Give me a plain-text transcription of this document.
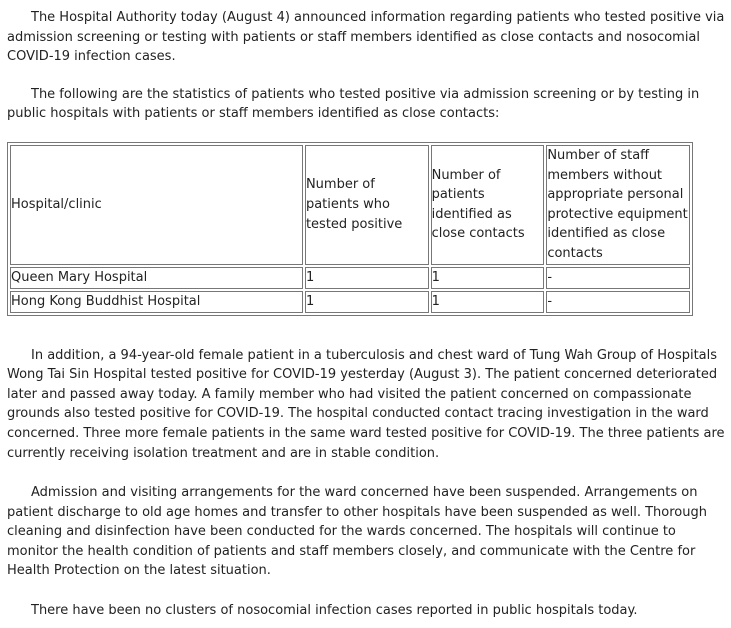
The Hospital Authority today (August 4) announced information regarding patients who tested positive via admission screening or testing with patients or staff members identified as close contacts and nosocomial COVID-19 infection cases.

The following are the statistics of patients who tested positive via admission screening or by testing in public hospitals with patients or staff members identified as close contacts:

Hospital/clinic	Number of patients who tested positive	Number of patients identified as close contacts	Number of staff members without appropriate personal protective equipment identified as close contacts
Queen Mary Hospital	1	1	-
Hong Kong Buddhist Hospital	1	1	-

In addition, a 94-year-old female patient in a tuberculosis and chest ward of Tung Wah Group of Hospitals Wong Tai Sin Hospital tested positive for COVID-19 yesterday (August 3). The patient concerned deteriorated later and passed away today. A family member who had visited the patient concerned on compassionate grounds also tested positive for COVID-19. The hospital conducted contact tracing investigation in the ward concerned. Three more female patients in the same ward tested positive for COVID-19. The three patients are currently receiving isolation treatment and are in stable condition.

Admission and visiting arrangements for the ward concerned have been suspended. Arrangements on patient discharge to old age homes and transfer to other hospitals have been suspended as well. Thorough cleaning and disinfection have been conducted for the wards concerned. The hospitals will continue to monitor the health condition of patients and staff members closely, and communicate with the Centre for Health Protection on the latest situation.

There have been no clusters of nosocomial infection cases reported in public hospitals today.
